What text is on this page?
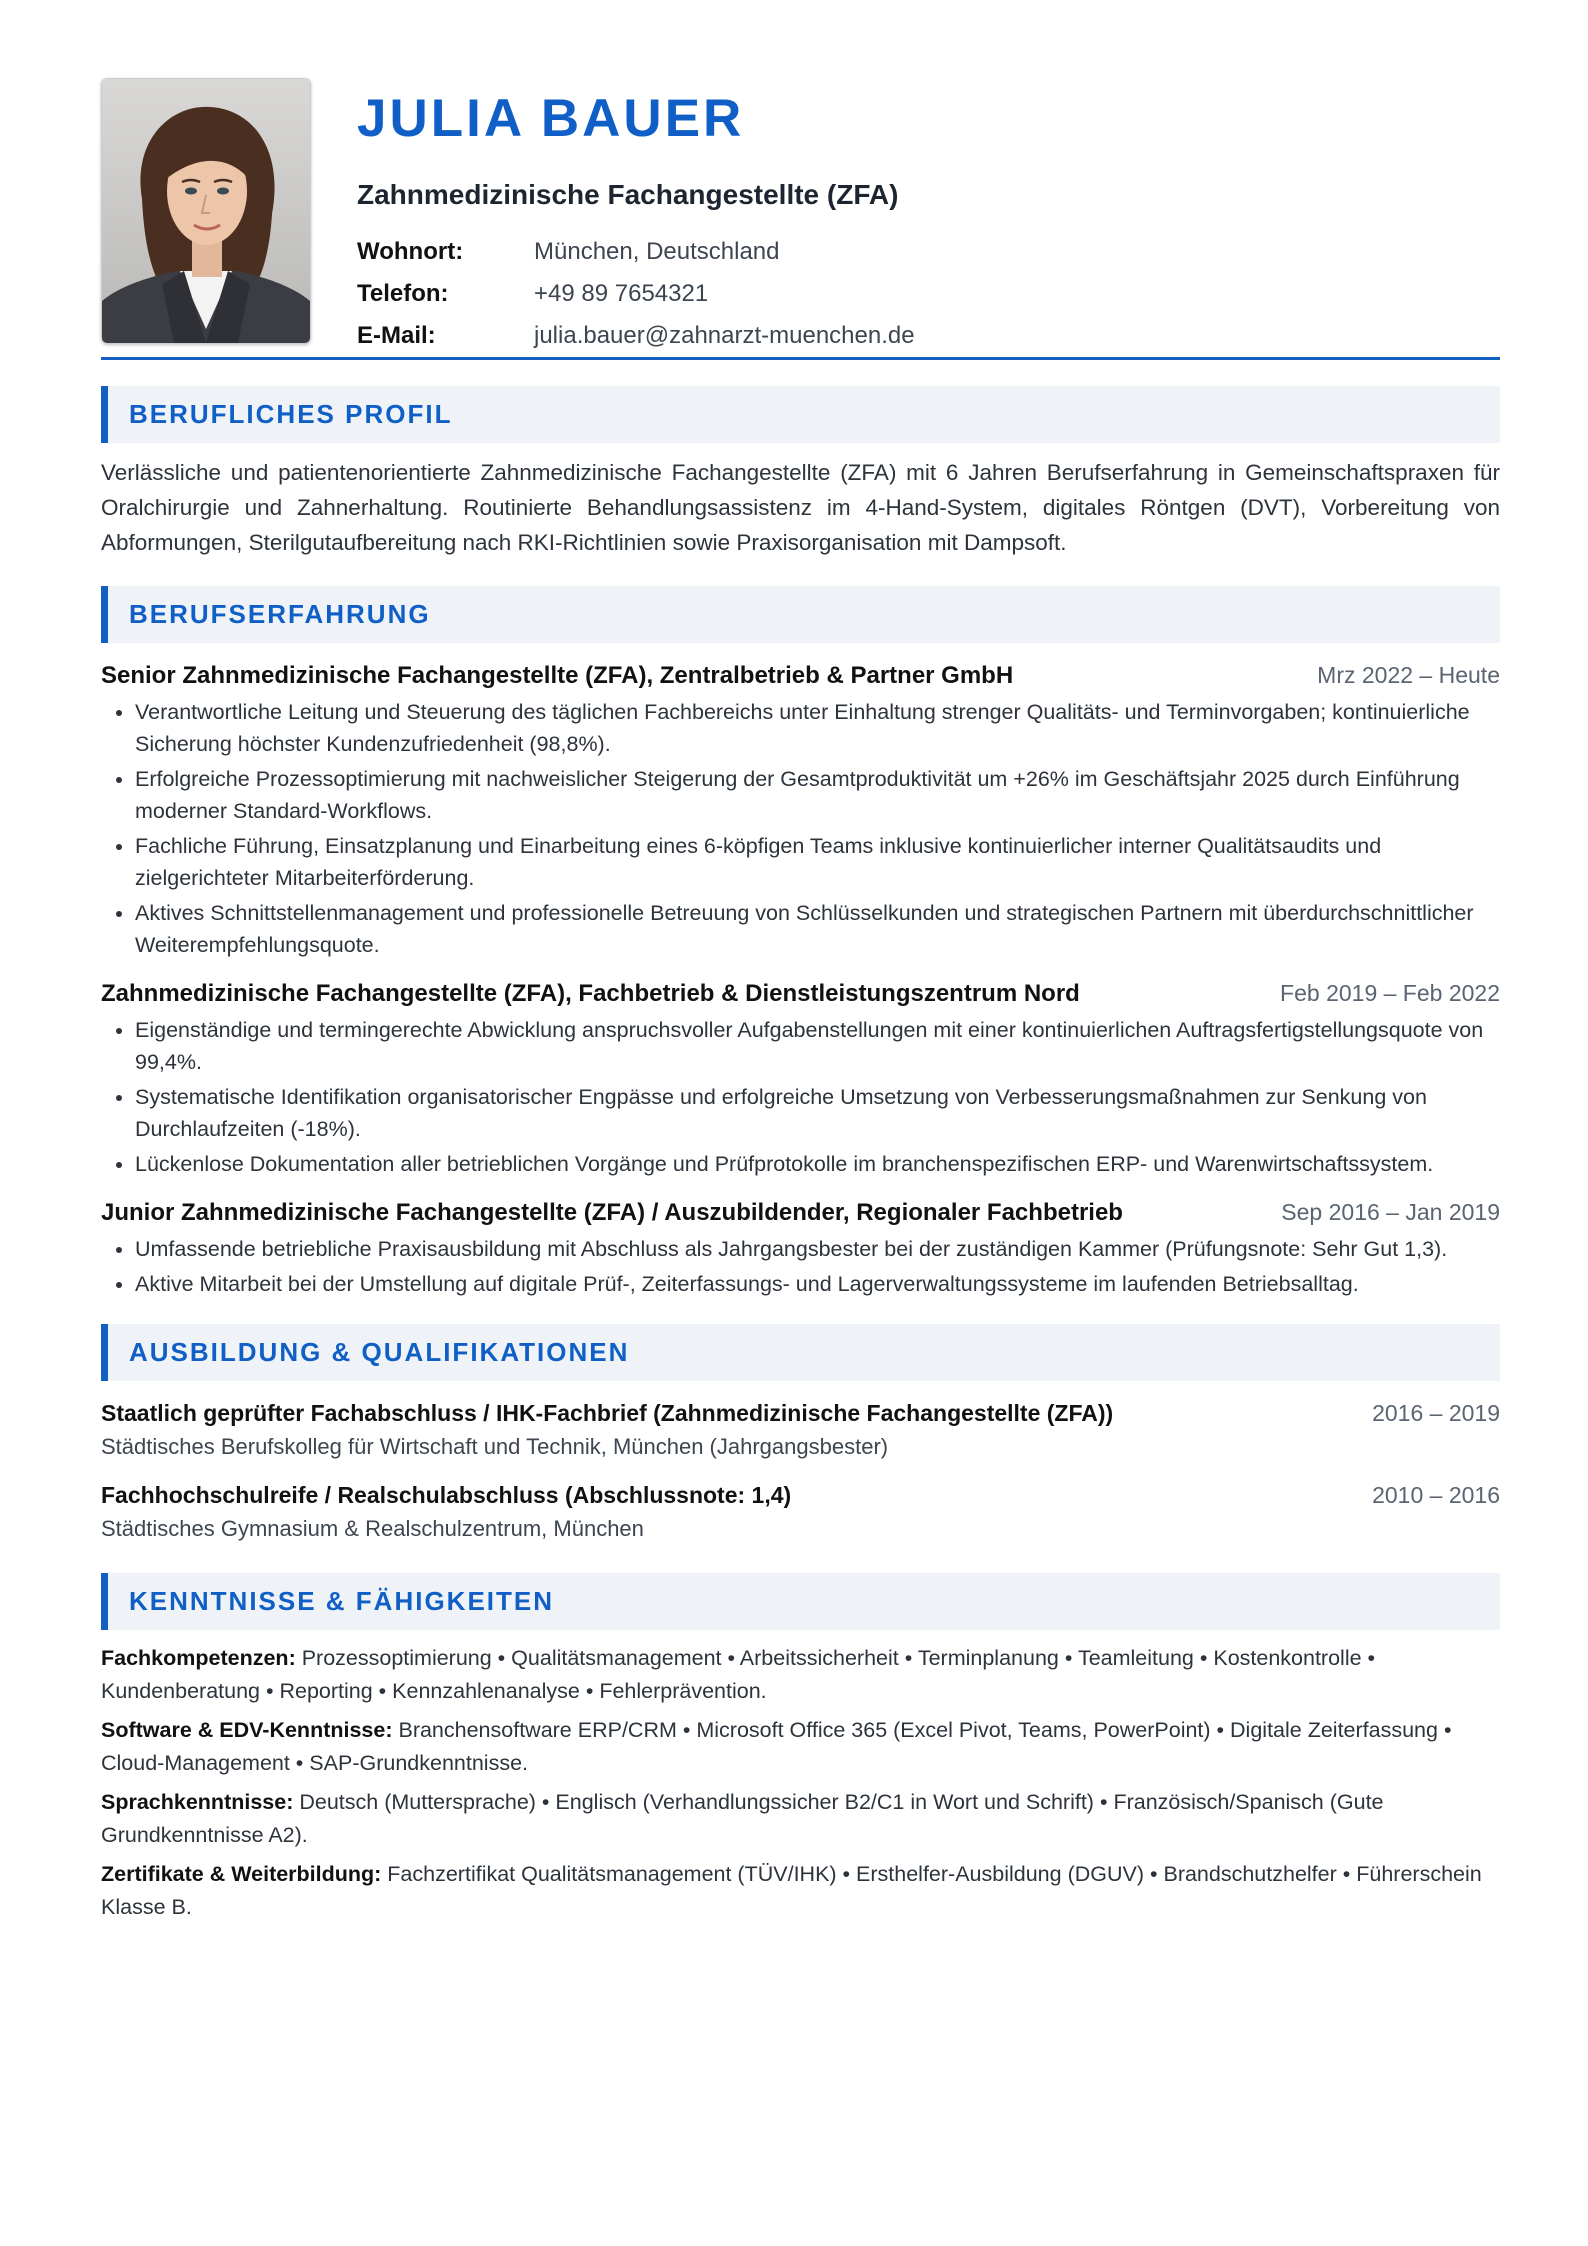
JULIA BAUER
Zahnmedizinische Fachangestellte (ZFA)
Wohnort:	München, Deutschland
Telefon:	+49 89 7654321
E-Mail:	julia.bauer@zahnarzt-muenchen.de
BERUFLICHES PROFIL
Verlässliche und patientenorientierte Zahnmedizinische Fachangestellte (ZFA) mit 6 Jahren Berufserfahrung in Gemeinschaftspraxen für Oralchirurgie und Zahnerhaltung. Routinierte Behandlungsassistenz im 4-Hand-System, digitales Röntgen (DVT), Vorbereitung von Abformungen, Sterilgutaufbereitung nach RKI-Richtlinien sowie Praxisorganisation mit Dampsoft.
BERUFSERFAHRUNG
Senior Zahnmedizinische Fachangestellte (ZFA), Zentralbetrieb & Partner GmbH	Mrz 2022 – Heute
• Verantwortliche Leitung und Steuerung des täglichen Fachbereichs unter Einhaltung strenger Qualitäts- und Terminvorgaben; kontinuierliche Sicherung höchster Kundenzufriedenheit (98,8%).
• Erfolgreiche Prozessoptimierung mit nachweislicher Steigerung der Gesamtproduktivität um +26% im Geschäftsjahr 2025 durch Einführung moderner Standard-Workflows.
• Fachliche Führung, Einsatzplanung und Einarbeitung eines 6-köpfigen Teams inklusive kontinuierlicher interner Qualitätsaudits und zielgerichteter Mitarbeiterförderung.
• Aktives Schnittstellenmanagement und professionelle Betreuung von Schlüsselkunden und strategischen Partnern mit überdurchschnittlicher Weiterempfehlungsquote.
Zahnmedizinische Fachangestellte (ZFA), Fachbetrieb & Dienstleistungszentrum Nord	Feb 2019 – Feb 2022
• Eigenständige und termingerechte Abwicklung anspruchsvoller Aufgabenstellungen mit einer kontinuierlichen Auftragsfertigstellungsquote von 99,4%.
• Systematische Identifikation organisatorischer Engpässe und erfolgreiche Umsetzung von Verbesserungsmaßnahmen zur Senkung von Durchlaufzeiten (-18%).
• Lückenlose Dokumentation aller betrieblichen Vorgänge und Prüfprotokolle im branchenspezifischen ERP- und Warenwirtschaftssystem.
Junior Zahnmedizinische Fachangestellte (ZFA) / Auszubildender, Regionaler Fachbetrieb	Sep 2016 – Jan 2019
• Umfassende betriebliche Praxisausbildung mit Abschluss als Jahrgangsbester bei der zuständigen Kammer (Prüfungsnote: Sehr Gut 1,3).
• Aktive Mitarbeit bei der Umstellung auf digitale Prüf-, Zeiterfassungs- und Lagerverwaltungssysteme im laufenden Betriebsalltag.
AUSBILDUNG & QUALIFIKATIONEN
Staatlich geprüfter Fachabschluss / IHK-Fachbrief (Zahnmedizinische Fachangestellte (ZFA))	2016 – 2019
Städtisches Berufskolleg für Wirtschaft und Technik, München (Jahrgangsbester)
Fachhochschulreife / Realschulabschluss (Abschlussnote: 1,4)	2010 – 2016
Städtisches Gymnasium & Realschulzentrum, München
KENNTNISSE & FÄHIGKEITEN
Fachkompetenzen: Prozessoptimierung • Qualitätsmanagement • Arbeitssicherheit • Terminplanung • Teamleitung • Kostenkontrolle • Kundenberatung • Reporting • Kennzahlenanalyse • Fehlerprävention.
Software & EDV-Kenntnisse: Branchensoftware ERP/CRM • Microsoft Office 365 (Excel Pivot, Teams, PowerPoint) • Digitale Zeiterfassung • Cloud-Management • SAP-Grundkenntnisse.
Sprachkenntnisse: Deutsch (Muttersprache) • Englisch (Verhandlungssicher B2/C1 in Wort und Schrift) • Französisch/Spanisch (Gute Grundkenntnisse A2).
Zertifikate & Weiterbildung: Fachzertifikat Qualitätsmanagement (TÜV/IHK) • Ersthelfer-Ausbildung (DGUV) • Brandschutzhelfer • Führerschein Klasse B.
